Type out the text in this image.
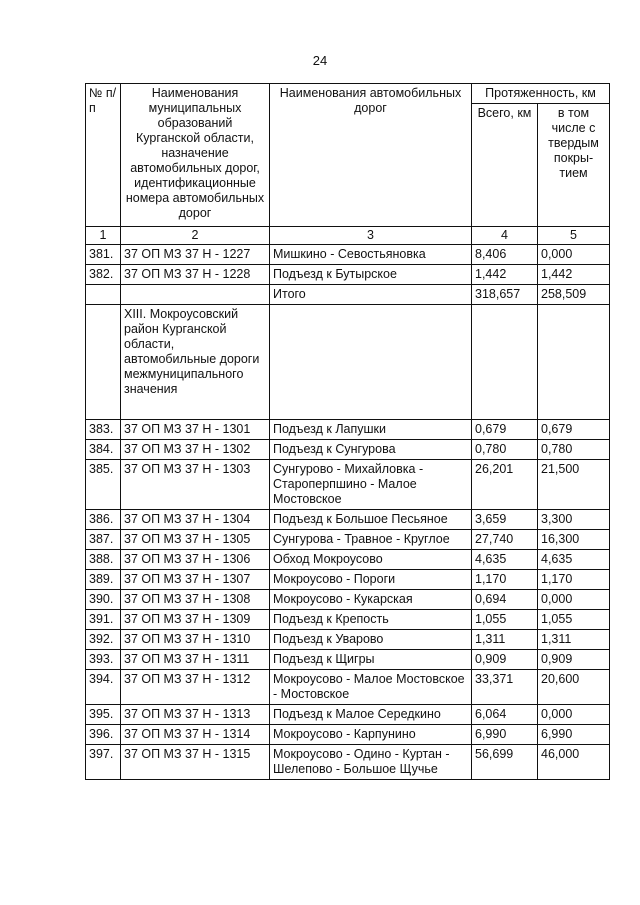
24
№ п/п	Наименования муниципальных образований Курганской области, назначение автомобильных дорог, идентификационные номера автомобильных дорог	Наименования автомобильных дорог	Протяженность, км	
			Всего, км	в том числе с твердым покры-тием
1	2	3	4	5
381.	37 ОП МЗ 37 Н - 1227	Мишкино - Севостьяновка	8,406	0,000
382.	37 ОП МЗ 37 Н - 1228	Подъезд к Бутырское	1,442	1,442
		Итого	318,657	258,509
	XIII. Мокроусовский район Курганской области, автомобильные дороги межмуниципального значения			
383.	37 ОП МЗ 37 Н - 1301	Подъезд к Лапушки	0,679	0,679
384.	37 ОП МЗ 37 Н - 1302	Подъезд к Сунгурова	0,780	0,780
385.	37 ОП МЗ 37 Н - 1303	Сунгурово - Михайловка - Староперпшино - Малое Мостовское	26,201	21,500
386.	37 ОП МЗ 37 Н - 1304	Подъезд к Большое Песьяное	3,659	3,300
387.	37 ОП МЗ 37 Н - 1305	Сунгурова - Травное - Круглое	27,740	16,300
388.	37 ОП МЗ 37 Н - 1306	Обход Мокроусово	4,635	4,635
389.	37 ОП МЗ 37 Н - 1307	Мокроусово - Пороги	1,170	1,170
390.	37 ОП МЗ 37 Н - 1308	Мокроусово - Кукарская	0,694	0,000
391.	37 ОП МЗ 37 Н - 1309	Подъезд к Крепость	1,055	1,055
392.	37 ОП МЗ 37 Н - 1310	Подъезд к Уварово	1,311	1,311
393.	37 ОП МЗ 37 Н - 1311	Подъезд к Щигры	0,909	0,909
394.	37 ОП МЗ 37 Н - 1312	Мокроусово - Малое Мостовское - Мостовское	33,371	20,600
395.	37 ОП МЗ 37 Н - 1313	Подъезд к Малое Середкино	6,064	0,000
396.	37 ОП МЗ 37 Н - 1314	Мокроусово - Карпунино	6,990	6,990
397.	37 ОП МЗ 37 Н - 1315	Мокроусово - Одино - Куртан - Шелепово - Большое Щучье	56,699	46,000
